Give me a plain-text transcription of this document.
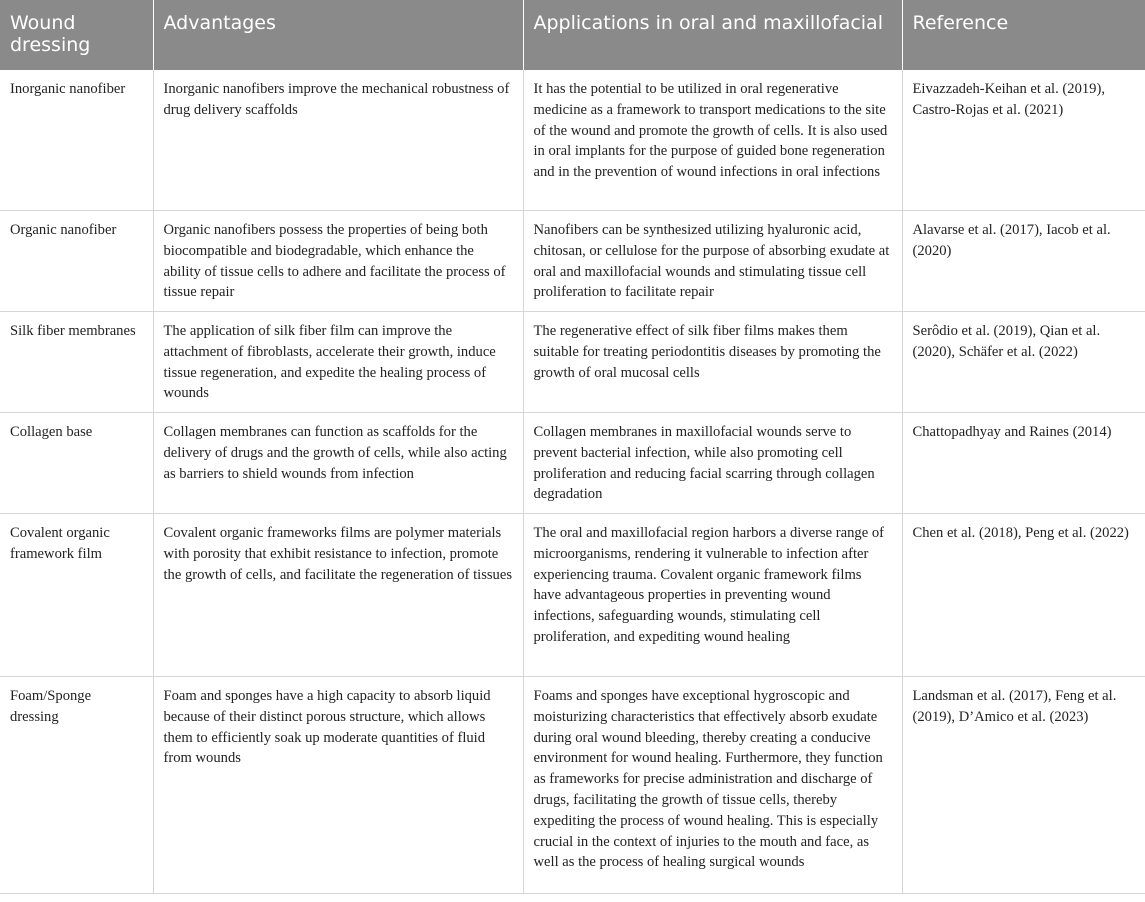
Wound dressing	Advantages	Applications in oral and maxillofacial	Reference
Inorganic nanofiber	Inorganic nanofibers improve the mechanical robustness of drug delivery scaffolds	It has the potential to be utilized in oral regenerative medicine as a framework to transport medications to the site of the wound and promote the growth of cells. It is also used in oral implants for the purpose of guided bone regeneration and in the prevention of wound infections in oral infections	Eivazzadeh-Keihan et al. (2019), Castro-Rojas et al. (2021)
Organic nanofiber	Organic nanofibers possess the properties of being both biocompatible and biodegradable, which enhance the ability of tissue cells to adhere and facilitate the process of tissue repair	Nanofibers can be synthesized utilizing hyaluronic acid, chitosan, or cellulose for the purpose of absorbing exudate at oral and maxillofacial wounds and stimulating tissue cell proliferation to facilitate repair	Alavarse et al. (2017), Iacob et al. (2020)
Silk fiber membranes	The application of silk fiber film can improve the attachment of fibroblasts, accelerate their growth, induce tissue regeneration, and expedite the healing process of wounds	The regenerative effect of silk fiber films makes them suitable for treating periodontitis diseases by promoting the growth of oral mucosal cells	Serôdio et al. (2019), Qian et al. (2020), Schäfer et al. (2022)
Collagen base	Collagen membranes can function as scaffolds for the delivery of drugs and the growth of cells, while also acting as barriers to shield wounds from infection	Collagen membranes in maxillofacial wounds serve to prevent bacterial infection, while also promoting cell proliferation and reducing facial scarring through collagen degradation	Chattopadhyay and Raines (2014)
Covalent organic framework film	Covalent organic frameworks films are polymer materials with porosity that exhibit resistance to infection, promote the growth of cells, and facilitate the regeneration of tissues	The oral and maxillofacial region harbors a diverse range of microorganisms, rendering it vulnerable to infection after experiencing trauma. Covalent organic framework films have advantageous properties in preventing wound infections, safeguarding wounds, stimulating cell proliferation, and expediting wound healing	Chen et al. (2018), Peng et al. (2022)
Foam/Sponge dressing	Foam and sponges have a high capacity to absorb liquid because of their distinct porous structure, which allows them to efficiently soak up moderate quantities of fluid from wounds	Foams and sponges have exceptional hygroscopic and moisturizing characteristics that effectively absorb exudate during oral wound bleeding, thereby creating a conducive environment for wound healing. Furthermore, they function as frameworks for precise administration and discharge of drugs, facilitating the growth of tissue cells, thereby expediting the process of wound healing. This is especially crucial in the context of injuries to the mouth and face, as well as the process of healing surgical wounds	Landsman et al. (2017), Feng et al. (2019), D’Amico et al. (2023)
